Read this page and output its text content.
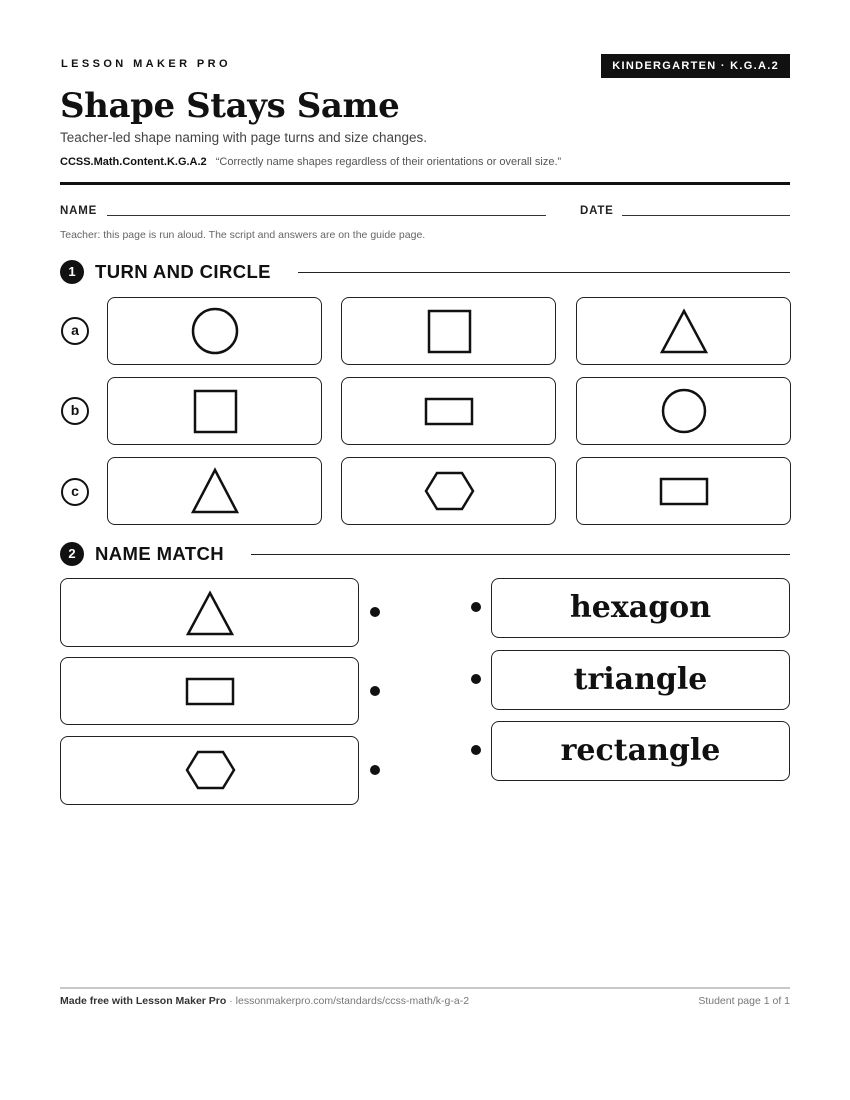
LESSON MAKER PRO	KINDERGARTEN · K.G.A.2
Shape Stays Same
Teacher-led shape naming with page turns and size changes.
CCSS.Math.Content.K.G.A.2 “Correctly name shapes regardless of their orientations or overall size.”
NAME	DATE
Teacher: this page is run aloud. The script and answers are on the guide page.
1	TURN AND CIRCLE
a
b
c
2	NAME MATCH
hexagon
triangle
rectangle
Made free with Lesson Maker Pro · lessonmakerpro.com/standards/ccss-math/k-g-a-2	Student page 1 of 1
